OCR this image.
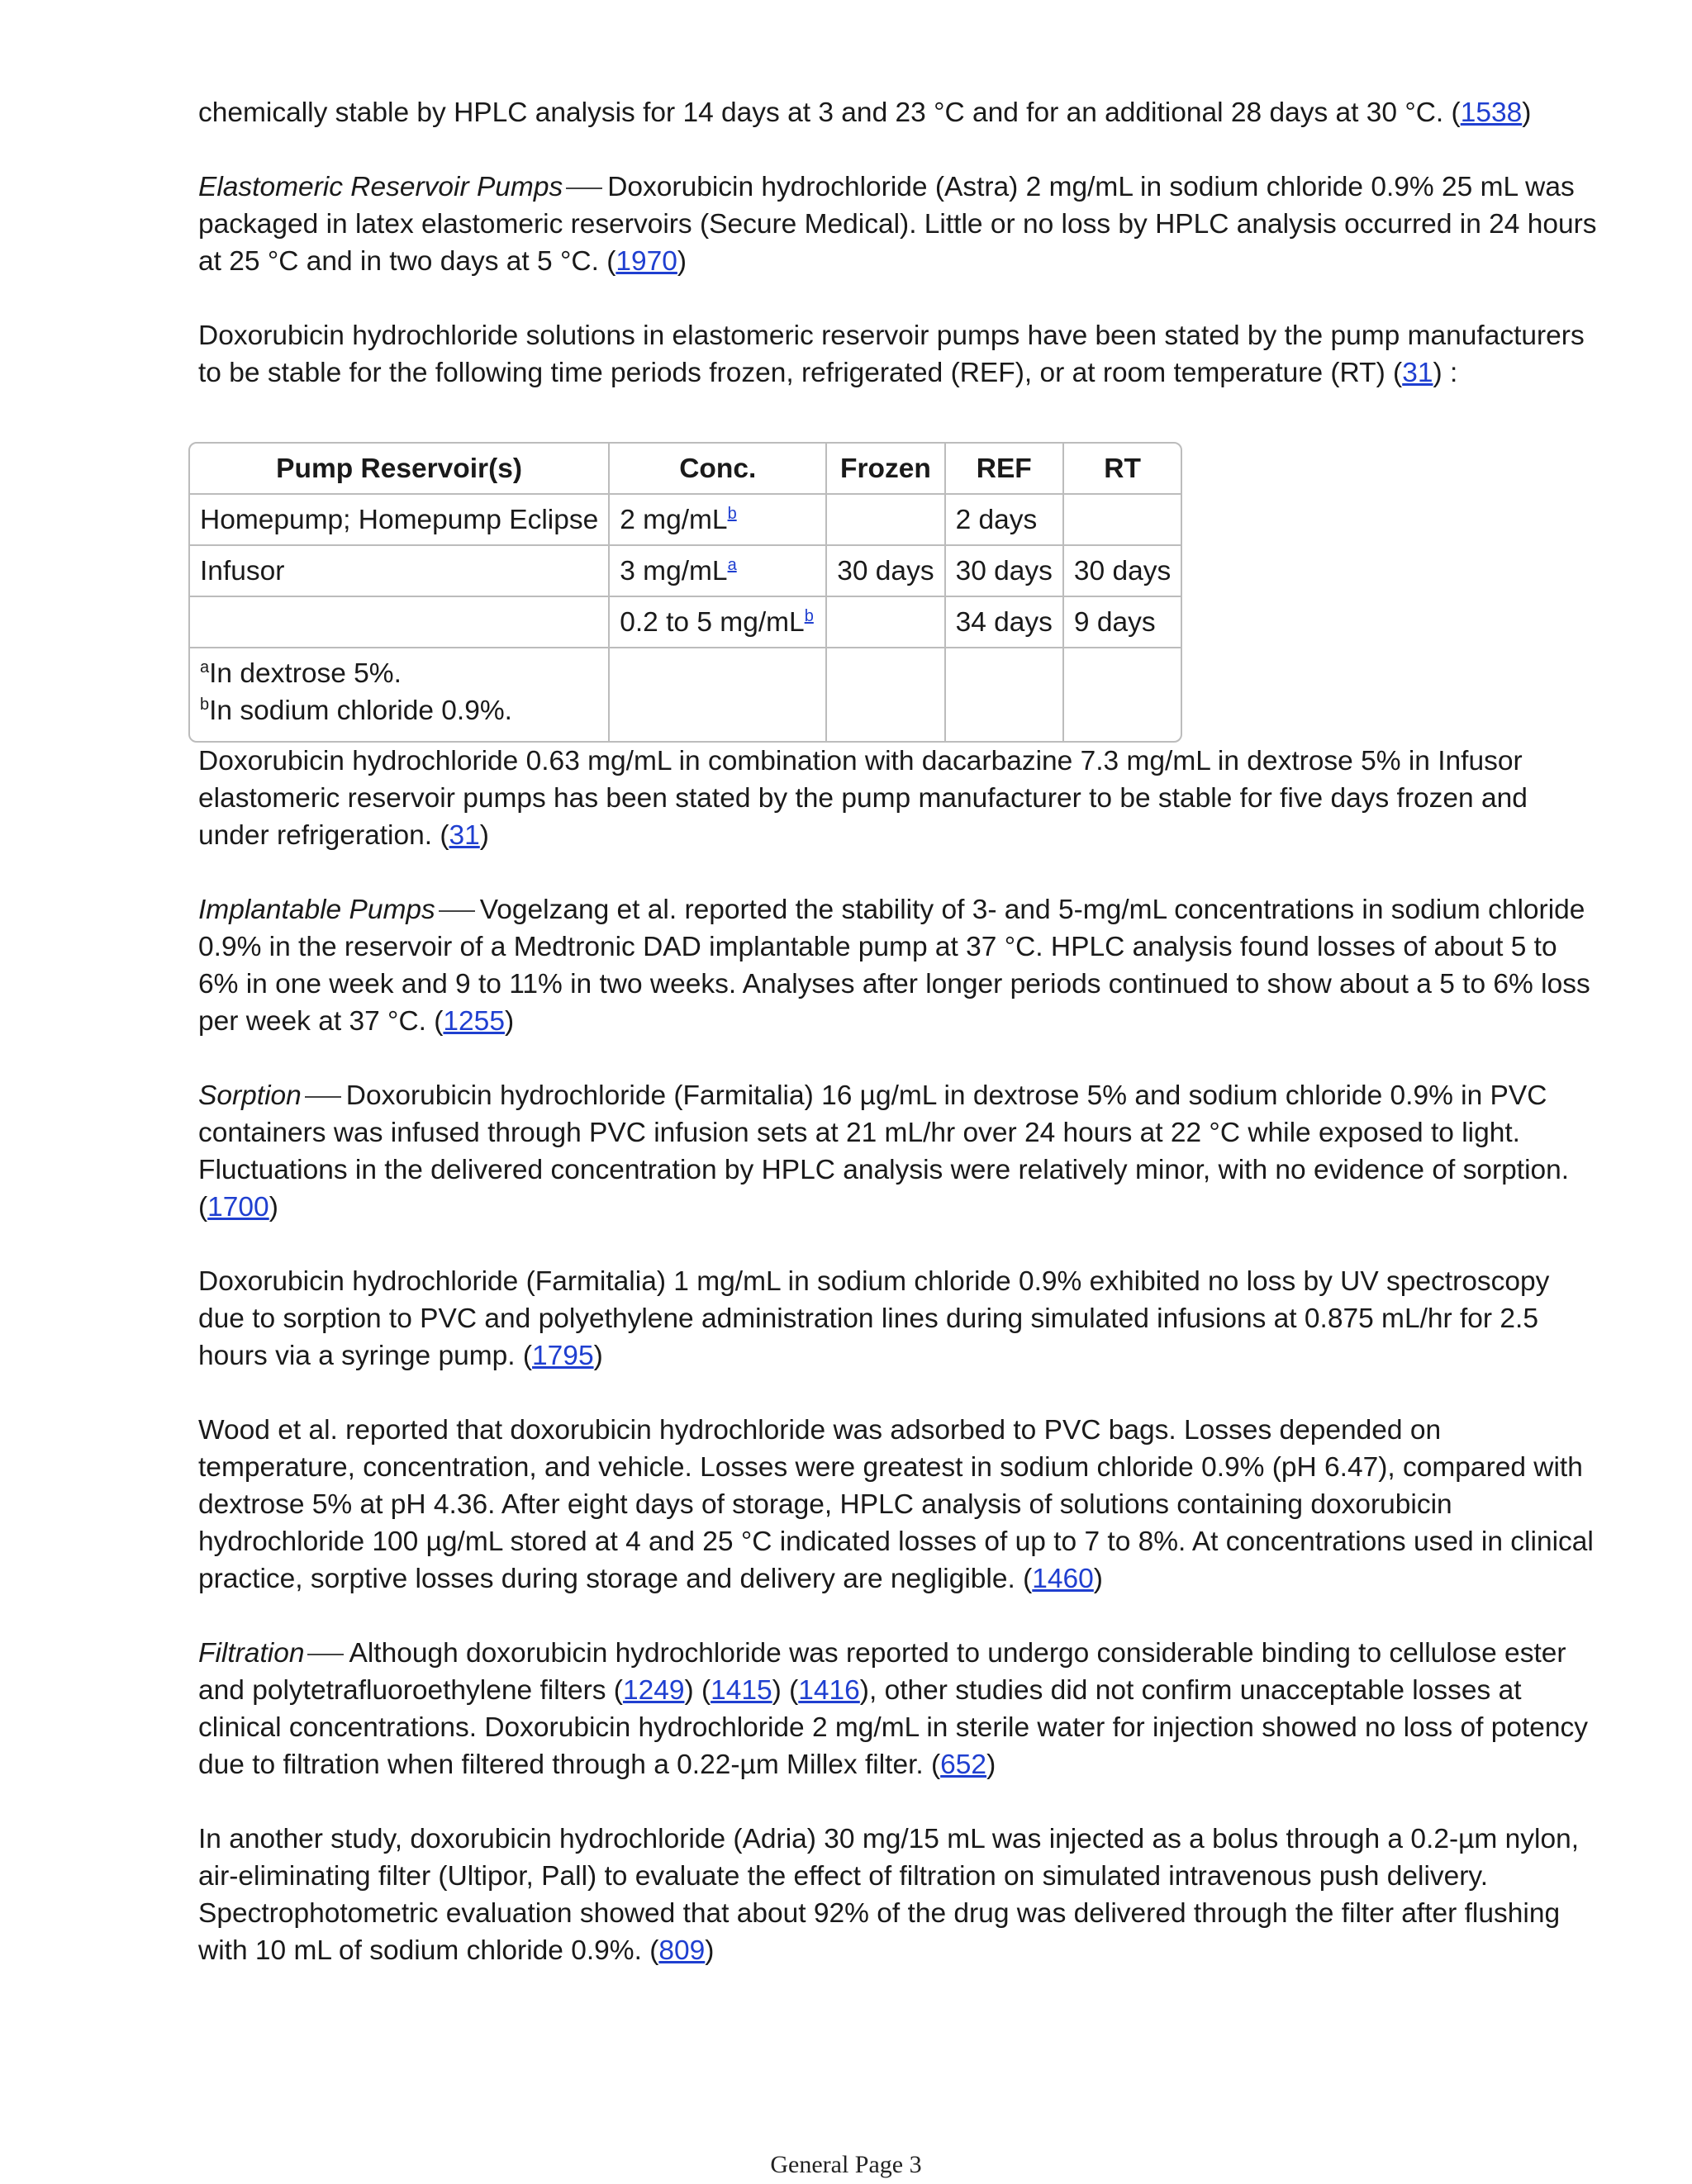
chemically stable by HPLC analysis for 14 days at 3 and 23 °C and for an additional 28 days at 30 °C. (1538)

Elastomeric Reservoir Pumps Doxorubicin hydrochloride (Astra) 2 mg/mL in sodium chloride 0.9% 25 mL was packaged in latex elastomeric reservoirs (Secure Medical). Little or no loss by HPLC analysis occurred in 24 hours at 25 °C and in two days at 5 °C. (1970)

Doxorubicin hydrochloride solutions in elastomeric reservoir pumps have been stated by the pump manufacturers to be stable for the following time periods frozen, refrigerated (REF), or at room temperature (RT) (31) :

Pump Reservoir(s)	Conc.	Frozen	REF	RT
Homepump; Homepump Eclipse	2 mg/mL$^b$		2 days	
Infusor	3 mg/mL$^a$	30 days	30 days	30 days
	0.2 to 5 mg/mL$^b$		34 days	9 days

$^a$In dextrose 5%.
$^b$In sodium chloride 0.9%.				

Doxorubicin hydrochloride 0.63 mg/mL in combination with dacarbazine 7.3 mg/mL in dextrose 5% in Infusor elastomeric reservoir pumps has been stated by the pump manufacturer to be stable for five days frozen and under refrigeration. (31)

Implantable Pumps Vogelzang et al. reported the stability of 3- and 5-mg/mL concentrations in sodium chloride 0.9% in the reservoir of a Medtronic DAD implantable pump at 37 °C. HPLC analysis found losses of about 5 to 6% in one week and 9 to 11% in two weeks. Analyses after longer periods continued to show about a 5 to 6% loss per week at 37 °C. (1255)

Sorption Doxorubicin hydrochloride (Farmitalia) 16 µg/mL in dextrose 5% and sodium chloride 0.9% in PVC containers was infused through PVC infusion sets at 21 mL/hr over 24 hours at 22 °C while exposed to light. Fluctuations in the delivered concentration by HPLC analysis were relatively minor, with no evidence of sorption. (1700)

Doxorubicin hydrochloride (Farmitalia) 1 mg/mL in sodium chloride 0.9% exhibited no loss by UV spectroscopy due to sorption to PVC and polyethylene administration lines during simulated infusions at 0.875 mL/hr for 2.5 hours via a syringe pump. (1795)

Wood et al. reported that doxorubicin hydrochloride was adsorbed to PVC bags. Losses depended on temperature, concentration, and vehicle. Losses were greatest in sodium chloride 0.9% (pH 6.47), compared with dextrose 5% at pH 4.36. After eight days of storage, HPLC analysis of solutions containing doxorubicin hydrochloride 100 µg/mL stored at 4 and 25 °C indicated losses of up to 7 to 8%. At concentrations used in clinical practice, sorptive losses during storage and delivery are negligible. (1460)

Filtration Although doxorubicin hydrochloride was reported to undergo considerable binding to cellulose ester and polytetrafluoroethylene filters (1249) (1415) (1416), other studies did not confirm unacceptable losses at clinical concentrations. Doxorubicin hydrochloride 2 mg/mL in sterile water for injection showed no loss of potency due to filtration when filtered through a 0.22-µm Millex filter. (652)

In another study, doxorubicin hydrochloride (Adria) 30 mg/15 mL was injected as a bolus through a 0.2-µm nylon, air-eliminating filter (Ultipor, Pall) to evaluate the effect of filtration on simulated intravenous push delivery. Spectrophotometric evaluation showed that about 92% of the drug was delivered through the filter after flushing with 10 mL of sodium chloride 0.9%. (809)

General Page 3
